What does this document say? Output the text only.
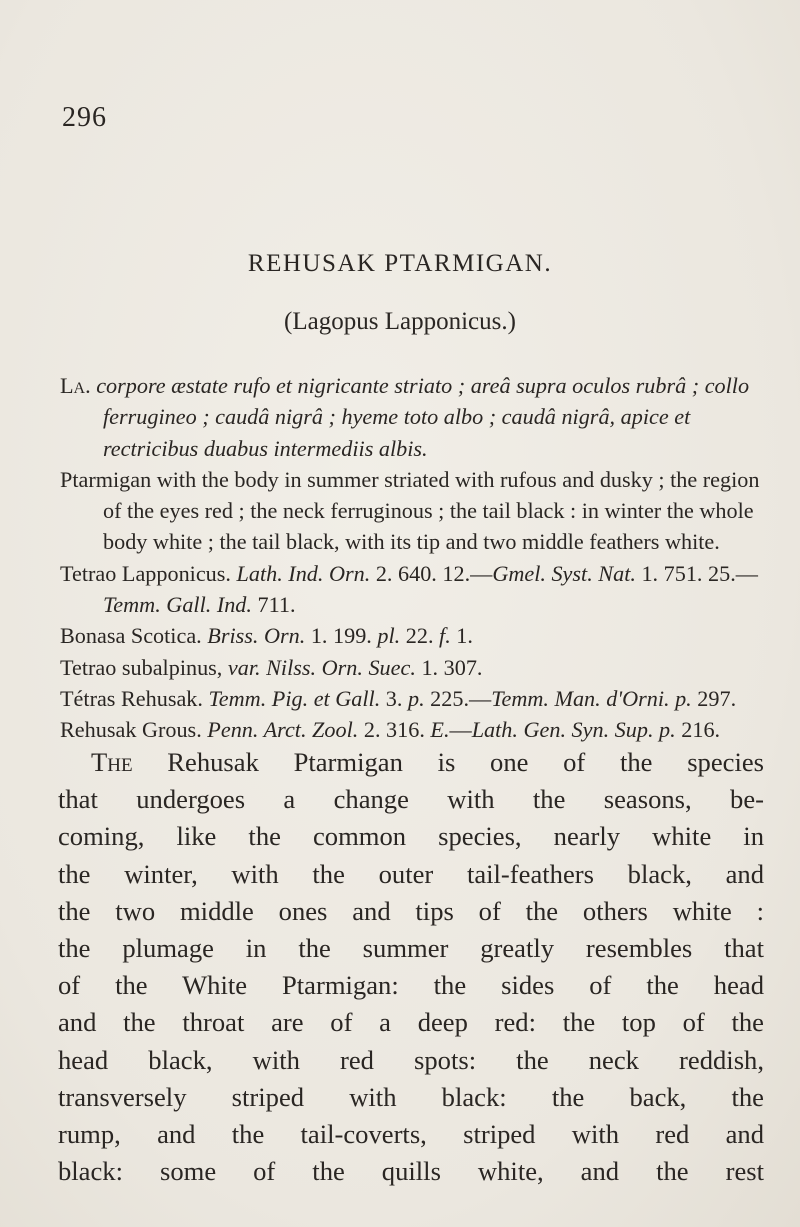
296
REHUSAK PTARMIGAN.
(Lagopus Lapponicus.)
La. corpore æstate rufo et nigricante striato ; areâ supra oculos rubrâ ; collo ferrugineo ; caudâ nigrâ ; hyeme toto albo ; caudâ nigrâ, apice et rectricibus duabus intermediis albis.
Ptarmigan with the body in summer striated with rufous and dusky ; the region of the eyes red ; the neck ferruginous ; the tail black : in winter the whole body white ; the tail black, with its tip and two middle feathers white.
Tetrao Lapponicus. Lath. Ind. Orn. 2. 640. 12.—Gmel. Syst. Nat. 1. 751. 25.—Temm. Gall. Ind. 711.
Bonasa Scotica. Briss. Orn. 1. 199. pl. 22. f. 1.
Tetrao subalpinus, var. Nilss. Orn. Suec. 1. 307.
Tétras Rehusak. Temm. Pig. et Gall. 3. p. 225.—Temm. Man. d'Orni. p. 297.
Rehusak Grous. Penn. Arct. Zool. 2. 316. E.—Lath. Gen. Syn. Sup. p. 216.
The Rehusak Ptarmigan is one of the species
that undergoes a change with the seasons, be-
coming, like the common species, nearly white in
the winter, with the outer tail-feathers black, and
the two middle ones and tips of the others white :
the plumage in the summer greatly resembles that
of the White Ptarmigan: the sides of the head
and the throat are of a deep red: the top of the
head black, with red spots: the neck reddish,
transversely striped with black: the back, the
rump, and the tail-coverts, striped with red and
black: some of the quills white, and the rest
